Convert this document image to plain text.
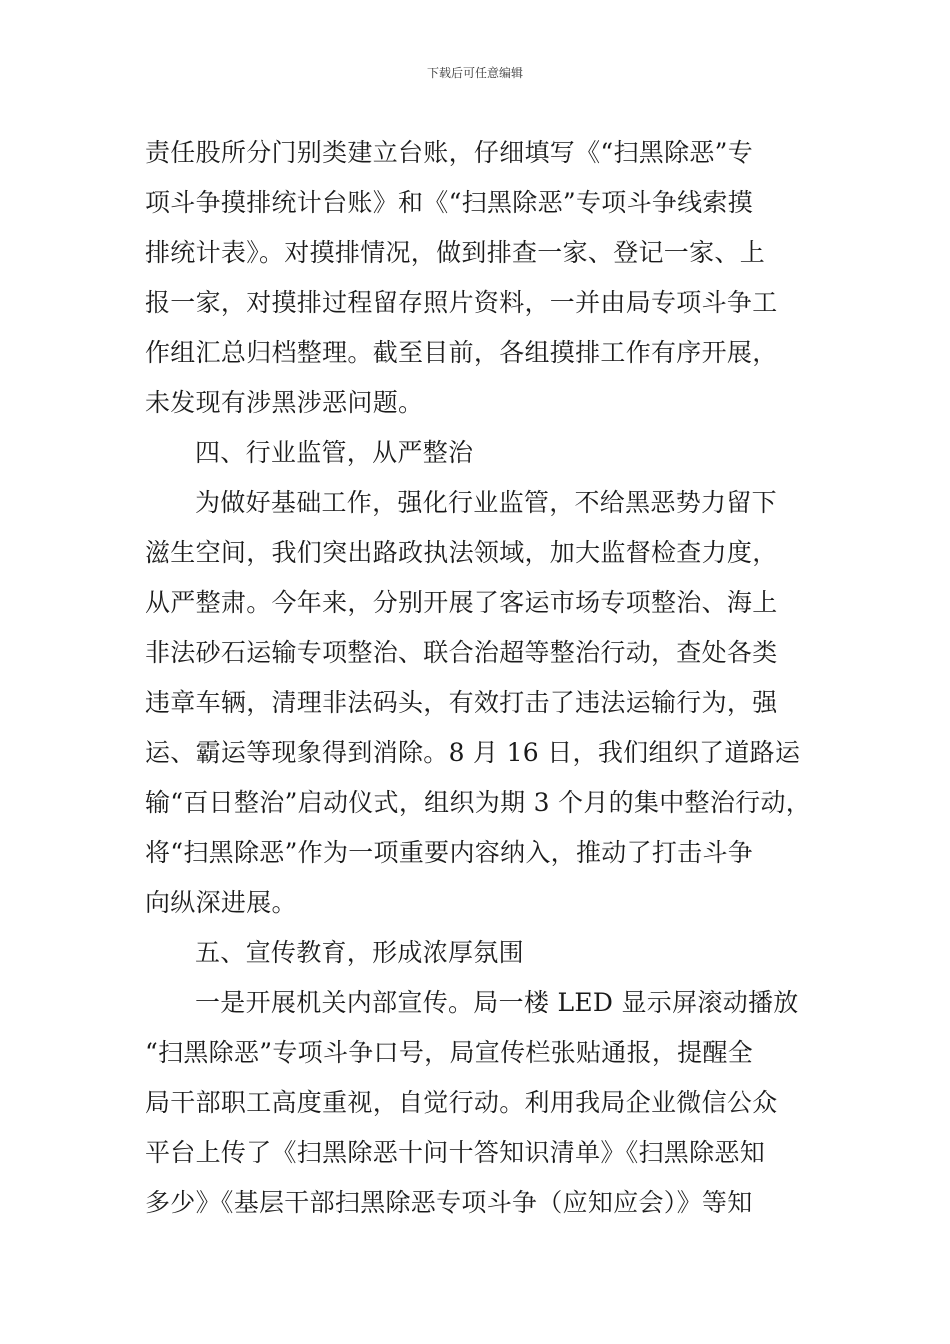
下载后可任意编辑
责任股所分门别类建立台账，仔细填写《“扫黑除恶”专
项斗争摸排统计台账》和《“扫黑除恶”专项斗争线索摸
排统计表》。对摸排情况，做到排查一家、登记一家、上
报一家，对摸排过程留存照片资料，一并由局专项斗争工
作组汇总归档整理。截至目前，各组摸排工作有序开展，
未发现有涉黑涉恶问题。
四、行业监管，从严整治
为做好基础工作，强化行业监管，不给黑恶势力留下
滋生空间，我们突出路政执法领域，加大监督检查力度，
从严整肃。今年来，分别开展了客运市场专项整治、海上
非法砂石运输专项整治、联合治超等整治行动，查处各类
违章车辆，清理非法码头，有效打击了违法运输行为，强
运、霸运等现象得到消除。8 月 16 日，我们组织了道路运
输“百日整治”启动仪式，组织为期 3 个月的集中整治行动，
将“扫黑除恶”作为一项重要内容纳入，推动了打击斗争
向纵深进展。
五、宣传教育，形成浓厚氛围
一是开展机关内部宣传。局一楼 LED 显示屏滚动播放
“扫黑除恶”专项斗争口号，局宣传栏张贴通报，提醒全
局干部职工高度重视，自觉行动。利用我局企业微信公众
平台上传了《扫黑除恶十问十答知识清单》《扫黑除恶知
多少》《基层干部扫黑除恶专项斗争（应知应会）》等知
